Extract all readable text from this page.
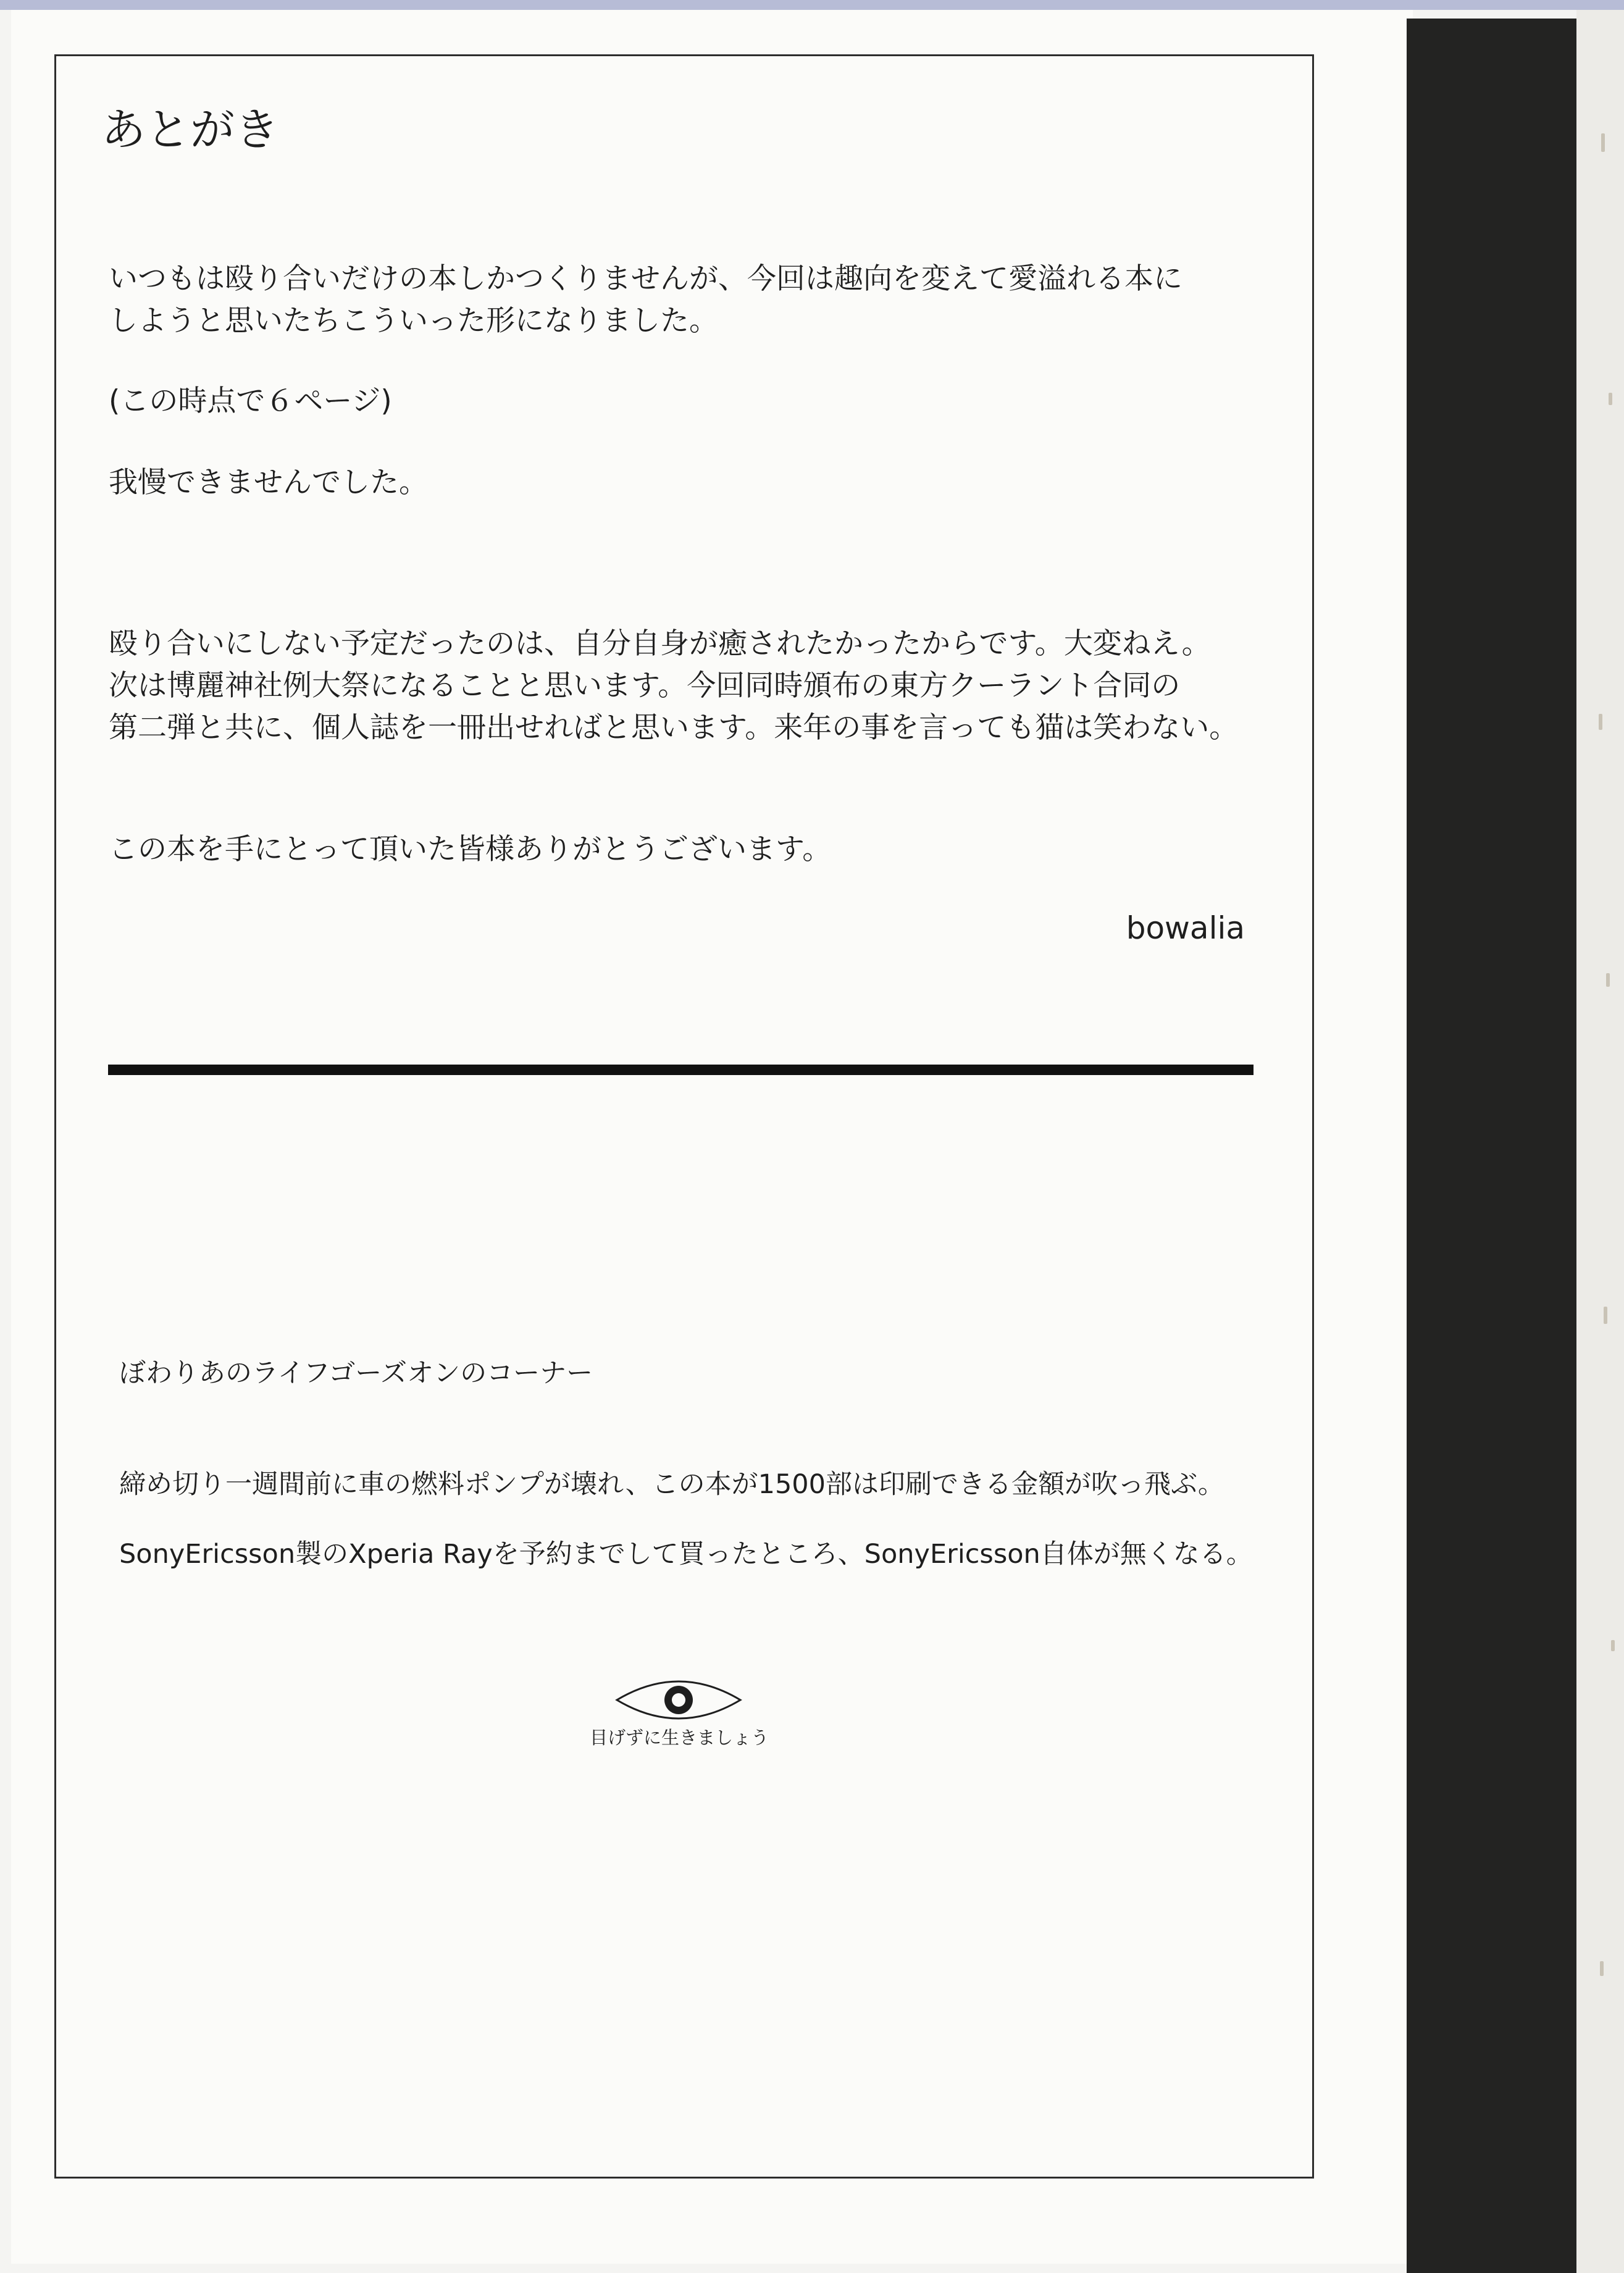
あとがき
いつもは殴り合いだけの本しかつくりませんが、今回は趣向を変えて愛溢れる本に
しようと思いたちこういった形になりました。
(この時点で６ページ)
我慢できませんでした。
殴り合いにしない予定だったのは、自分自身が癒されたかったからです。大変ねえ。
次は博麗神社例大祭になることと思います。今回同時頒布の東方クーラント合同の
第二弾と共に、個人誌を一冊出せればと思います。来年の事を言っても猫は笑わない。
この本を手にとって頂いた皆様ありがとうございます。
bowalia
ぼわりあのライフゴーズオンのコーナー
締め切り一週間前に車の燃料ポンプが壊れ、この本が1500部は印刷できる金額が吹っ飛ぶ。
SonyEricsson製のXperia Rayを予約までして買ったところ、SonyEricsson自体が無くなる。
目げずに生きましょう
